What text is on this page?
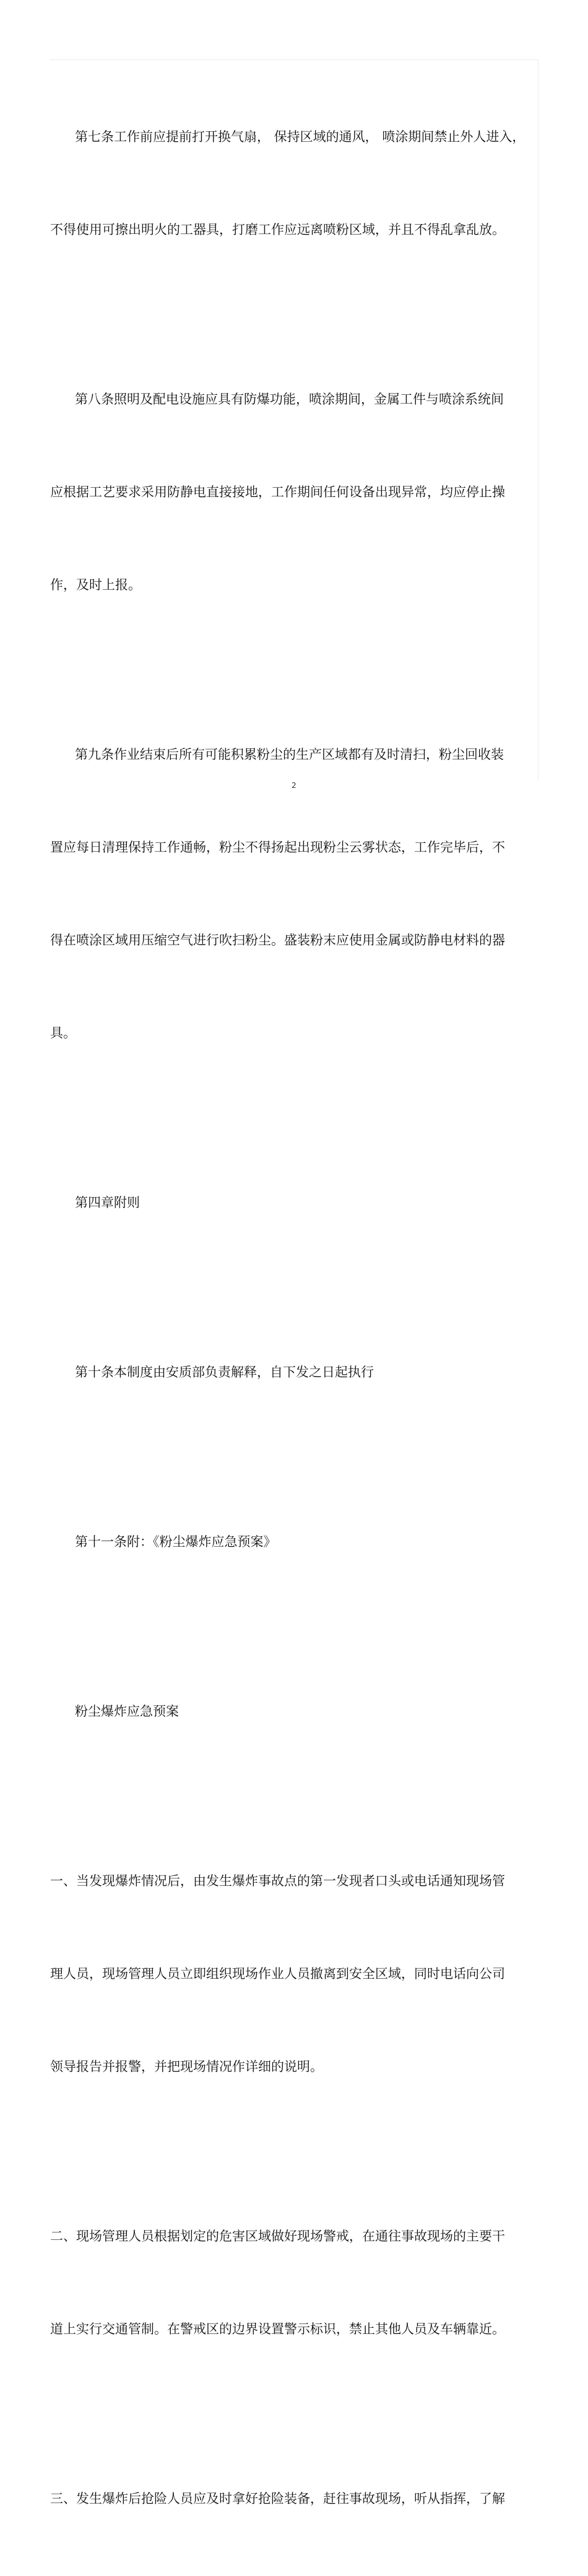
第七条工作前应提前打开换气扇， 保持区域的通风， 喷涂期间禁止外人进入，

不得使用可擦出明火的工器具，打磨工作应远离喷粉区域，并且不得乱拿乱放。

第八条照明及配电设施应具有防爆功能，喷涂期间，金属工件与喷涂系统间

应根据工艺要求采用防静电直接接地，工作期间任何设备出现异常，均应停止操

作，及时上报。

第九条作业结束后所有可能积累粉尘的生产区域都有及时清扫，粉尘回收装

置应每日清理保持工作通畅，粉尘不得扬起出现粉尘云雾状态，工作完毕后，不

得在喷涂区域用压缩空气进行吹扫粉尘。盛装粉末应使用金属或防静电材料的器

具。

第四章附则

第十条本制度由安质部负责解释，自下发之日起执行

第十一条附：《粉尘爆炸应急预案》

粉尘爆炸应急预案

一、当发现爆炸情况后，由发生爆炸事故点的第一发现者口头或电话通知现场管

理人员，现场管理人员立即组织现场作业人员撤离到安全区域，同时电话向公司

领导报告并报警，并把现场情况作详细的说明。

二、现场管理人员根据划定的危害区域做好现场警戒，在通往事故现场的主要干

道上实行交通管制。在警戒区的边界设置警示标识，禁止其他人员及车辆靠近。

三、发生爆炸后抢险人员应及时拿好抢险装备，赶往事故现场，听从指挥，了解

2
